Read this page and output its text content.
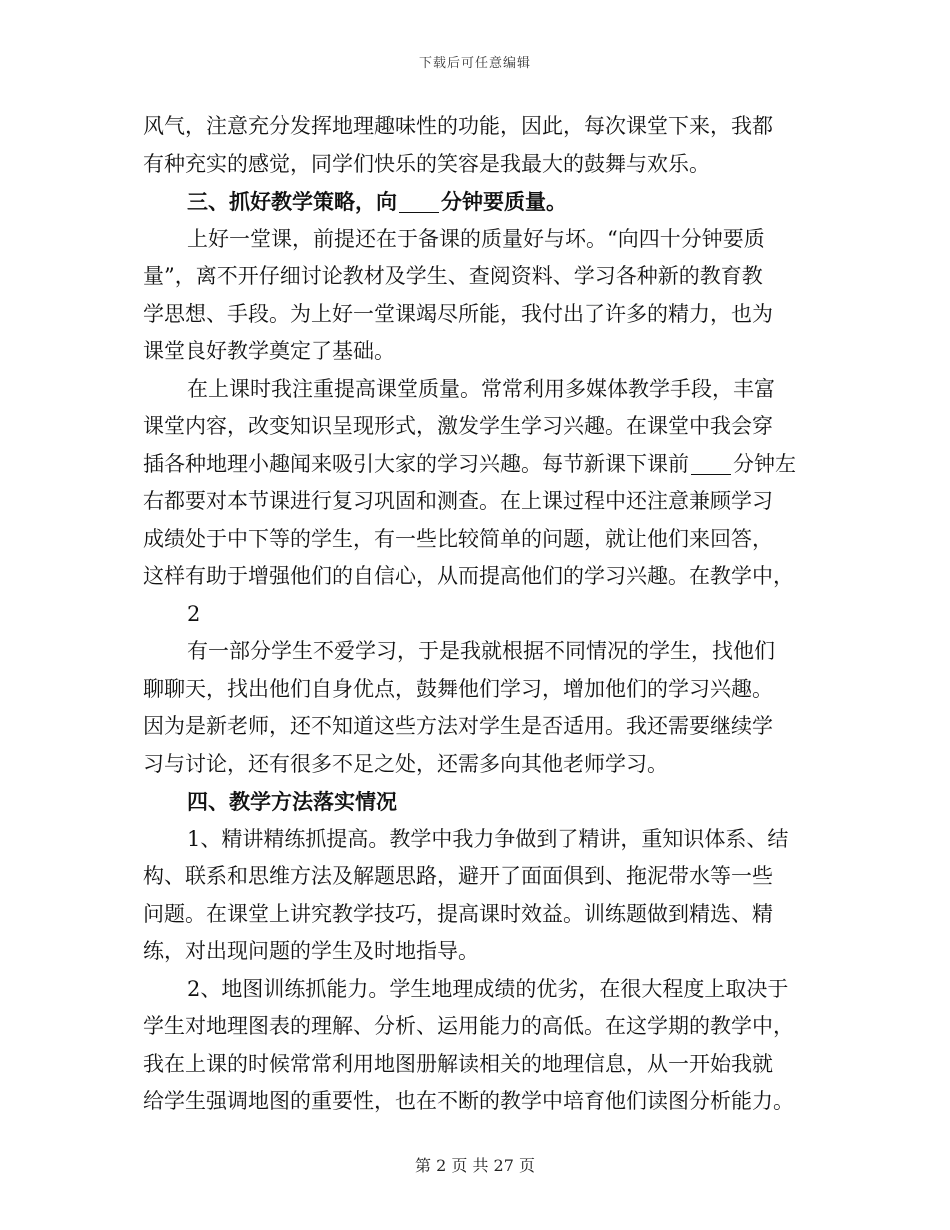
下载后可任意编辑
风气，注意充分发挥地理趣味性的功能，因此，每次课堂下来，我都
有种充实的感觉，同学们快乐的笑容是我最大的鼓舞与欢乐。
三、抓好教学策略，向 分钟要质量。
上好一堂课，前提还在于备课的质量好与坏。“向四十分钟要质
量”，离不开仔细讨论教材及学生、查阅资料、学习各种新的教育教
学思想、手段。为上好一堂课竭尽所能，我付出了许多的精力，也为
课堂良好教学奠定了基础。
在上课时我注重提高课堂质量。常常利用多媒体教学手段，丰富
课堂内容，改变知识呈现形式，激发学生学习兴趣。在课堂中我会穿
插各种地理小趣闻来吸引大家的学习兴趣。每节新课下课前 分钟左
右都要对本节课进行复习巩固和测查。在上课过程中还注意兼顾学习
成绩处于中下等的学生，有一些比较简单的问题，就让他们来回答，
这样有助于增强他们的自信心，从而提高他们的学习兴趣。在教学中，
2
有一部分学生不爱学习，于是我就根据不同情况的学生，找他们
聊聊天，找出他们自身优点，鼓舞他们学习，增加他们的学习兴趣。
因为是新老师，还不知道这些方法对学生是否适用。我还需要继续学
习与讨论，还有很多不足之处，还需多向其他老师学习。
四、教学方法落实情况
1、精讲精练抓提高。教学中我力争做到了精讲，重知识体系、结
构、联系和思维方法及解题思路，避开了面面俱到、拖泥带水等一些
问题。在课堂上讲究教学技巧，提高课时效益。训练题做到精选、精
练，对出现问题的学生及时地指导。
2、地图训练抓能力。学生地理成绩的优劣，在很大程度上取决于
学生对地理图表的理解、分析、运用能力的高低。在这学期的教学中，
我在上课的时候常常利用地图册解读相关的地理信息，从一开始我就
给学生强调地图的重要性，也在不断的教学中培育他们读图分析能力。
第 2 页 共 27 页
